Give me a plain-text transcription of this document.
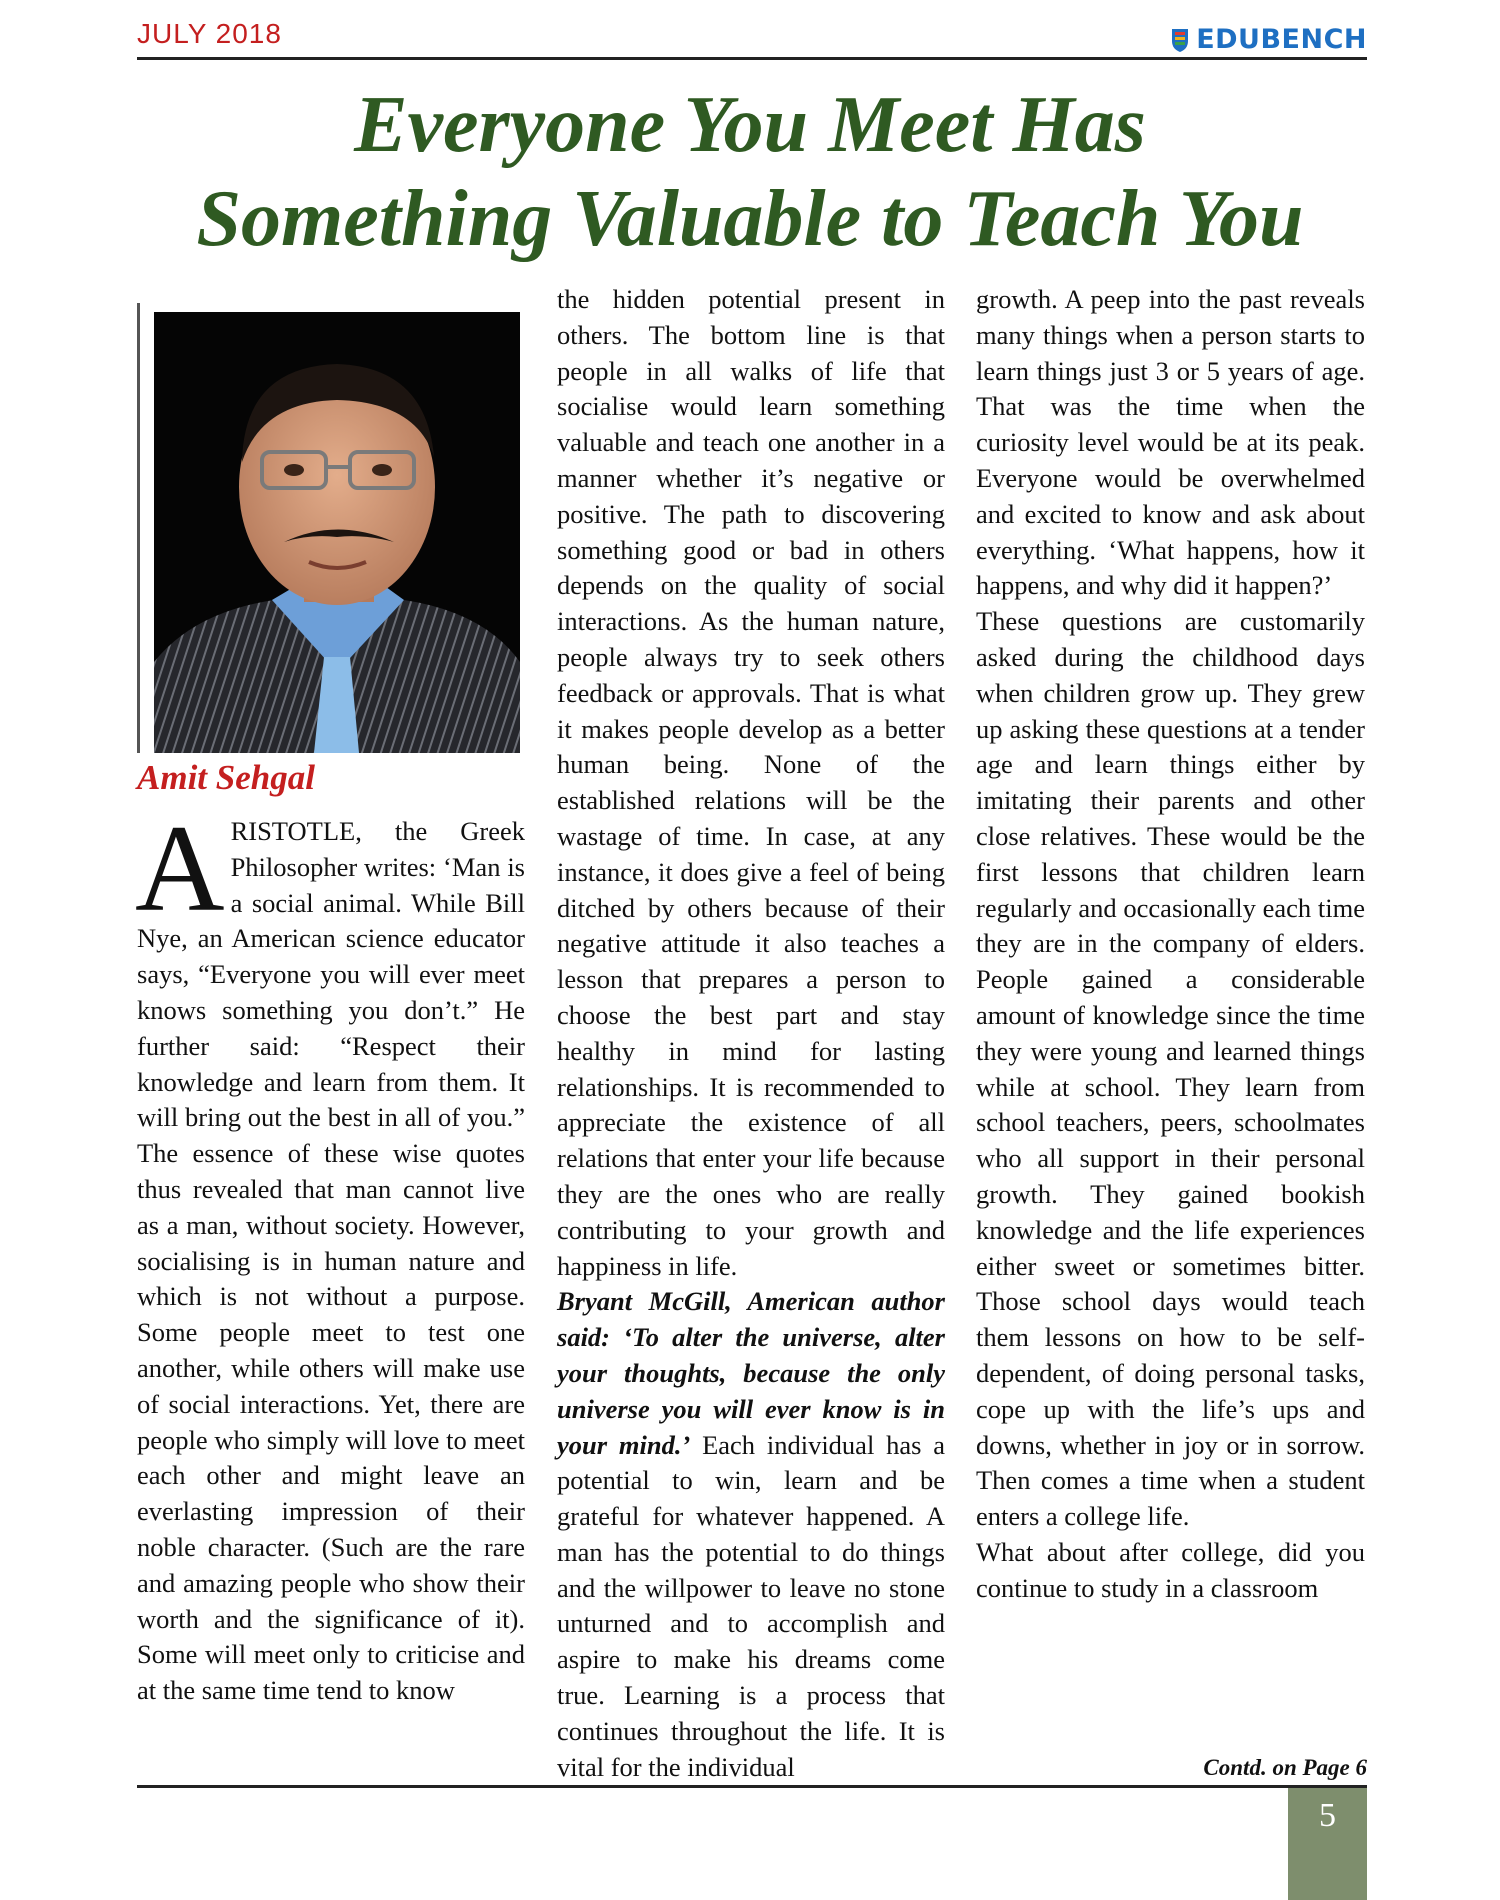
JULY 2018	EDUBENCH
Everyone You Meet Has
Something Valuable to Teach You
Amit Sehgal

ARISTOTLE, the Greek Philosopher writes: ‘Man is a social animal. While Bill Nye, an American science educator says, “Everyone you will ever meet knows something you don’t.” He further said: “Respect their knowledge and learn from them. It will bring out the best in all of you.” The essence of these wise quotes thus revealed that man cannot live as a man, without society. However, socialising is in human nature and which is not without a purpose. Some people meet to test one another, while others will make use of social interactions. Yet, there are people who simply will love to meet each other and might leave an everlasting impression of their noble character. (Such are the rare and amazing people who show their worth and the significance of it). Some will meet only to criticise and at the same time tend to know

the hidden potential present in others. The bottom line is that people in all walks of life that socialise would learn something valuable and teach one another in a manner whether it’s negative or positive. The path to discovering something good or bad in others depends on the quality of social interactions. As the human nature, people always try to seek others feedback or approvals. That is what it makes people develop as a better human being. None of the established relations will be the wastage of time. In case, at any instance, it does give a feel of being ditched by others because of their negative attitude it also teaches a lesson that prepares a person to choose the best part and stay healthy in mind for lasting relationships. It is recommended to appreciate the existence of all relations that enter your life because they are the ones who are really contributing to your growth and happiness in life.

Bryant McGill, American author said: ‘To alter the universe, alter your thoughts, because the only universe you will ever know is in your mind.’ Each individual has a potential to win, learn and be grateful for whatever happened. A man has the potential to do things and the willpower to leave no stone unturned and to accomplish and aspire to make his dreams come true. Learning is a process that continues throughout the life. It is vital for the individual

growth. A peep into the past reveals many things when a person starts to learn things just 3 or 5 years of age. That was the time when the curiosity level would be at its peak. Everyone would be overwhelmed and excited to know and ask about everything. ‘What happens, how it happens, and why did it happen?’

These questions are customarily asked during the childhood days when children grow up. They grew up asking these questions at a tender age and learn things either by imitating their parents and other close relatives. These would be the first lessons that children learn regularly and occasionally each time they are in the company of elders. People gained a considerable amount of knowledge since the time they were young and learned things while at school. They learn from school teachers, peers, schoolmates who all support in their personal growth. They gained bookish knowledge and the life experiences either sweet or sometimes bitter. Those school days would teach them lessons on how to be self-dependent, of doing personal tasks, cope up with the life’s ups and downs, whether in joy or in sorrow. Then comes a time when a student enters a college life.

What about after college, did you continue to study in a classroom

Contd. on Page 6
5
